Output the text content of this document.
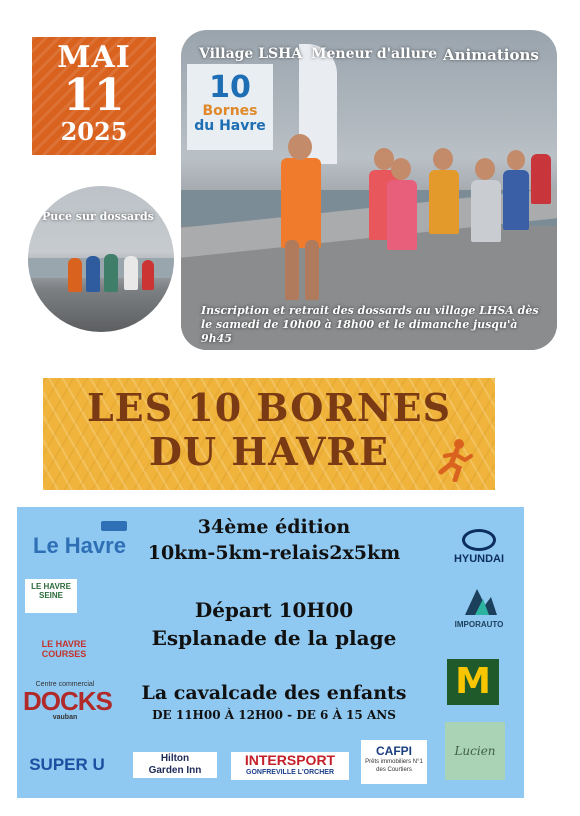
MAI
11
2025
10
Bornes
du Havre
Village LSHA Meneur d'allure Animations
Inscription et retrait des dossards au village LHSA dès le samedi de 10h00 à 18h00 et le dimanche jusqu'à 9h45
Puce sur dossards
LES 10 BORNES
DU HAVRE
34ème édition
10km-5km-relais2x5km
Départ 10H00
Esplanade de la plage
La cavalcade des enfants
DE 11H00 À 12H00 - DE 6 À 15 ANS
Le Havre
LE HAVRE SEINE
LE HAVRE COURSES
Centre commercial
DOCKS
vauban
SUPER U	Hilton
Garden Inn
INTERSPORT
GONFREVILLE L'ORCHER
CAFPI
Prêts immobiliers N°1 des Courtiers
HYUNDAI
IMPORAUTO
M
Lucien
